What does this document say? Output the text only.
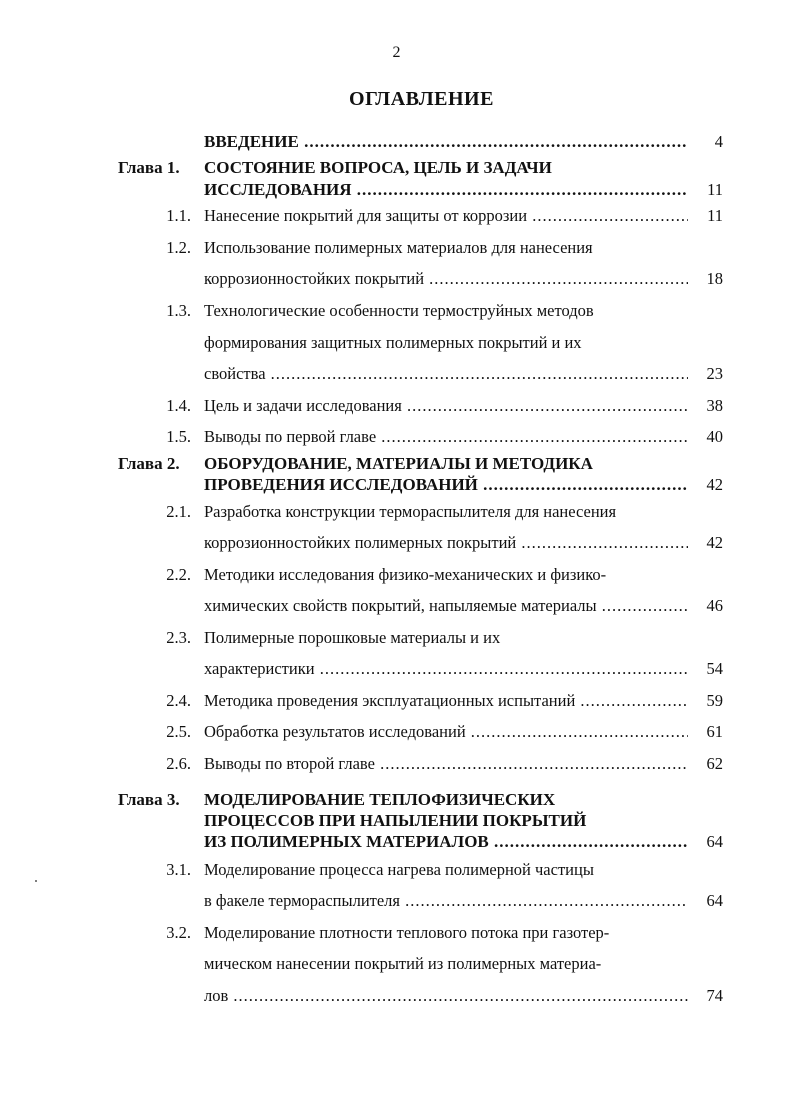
2
ОГЛАВЛЕНИЕ
ВВЕДЕНИЕ .....	4
Глава 1. СОСТОЯНИЕ ВОПРОСА, ЦЕЛЬ И ЗАДАЧИ
ИССЛЕДОВАНИЯ .....	11
1.1. Нанесение покрытий для защиты от коррозии .....	11
1.2. Использование полимерных материалов для нанесения
коррозионностойких покрытий .....	18
1.3. Технологические особенности термоструйных методов
формирования защитных полимерных покрытий и их
свойства .....	23
1.4. Цель и задачи исследования .....	38
1.5. Выводы по первой главе .....	40
Глава 2. ОБОРУДОВАНИЕ, МАТЕРИАЛЫ И МЕТОДИКА
ПРОВЕДЕНИЯ ИССЛЕДОВАНИЙ .....	42
2.1. Разработка конструкции термораспылителя для нанесения
коррозионностойких полимерных покрытий .....	42
2.2. Методики исследования физико-механических и физико-
химических свойств покрытий, напыляемые материалы .....	46
2.3. Полимерные порошковые материалы и их
характеристики .....	54
2.4. Методика проведения эксплуатационных испытаний .....	59
2.5. Обработка результатов исследований .....	61
2.6. Выводы по второй главе .....	62
Глава 3. МОДЕЛИРОВАНИЕ ТЕПЛОФИЗИЧЕСКИХ
ПРОЦЕССОВ ПРИ НАПЫЛЕНИИ ПОКРЫТИЙ
ИЗ ПОЛИМЕРНЫХ МАТЕРИАЛОВ .....	64
3.1. Моделирование процесса нагрева полимерной частицы
в факеле термораспылителя .....	64
3.2. Моделирование плотности теплового потока при газотер-
мическом нанесении покрытий из полимерных материа-
лов .....	74
